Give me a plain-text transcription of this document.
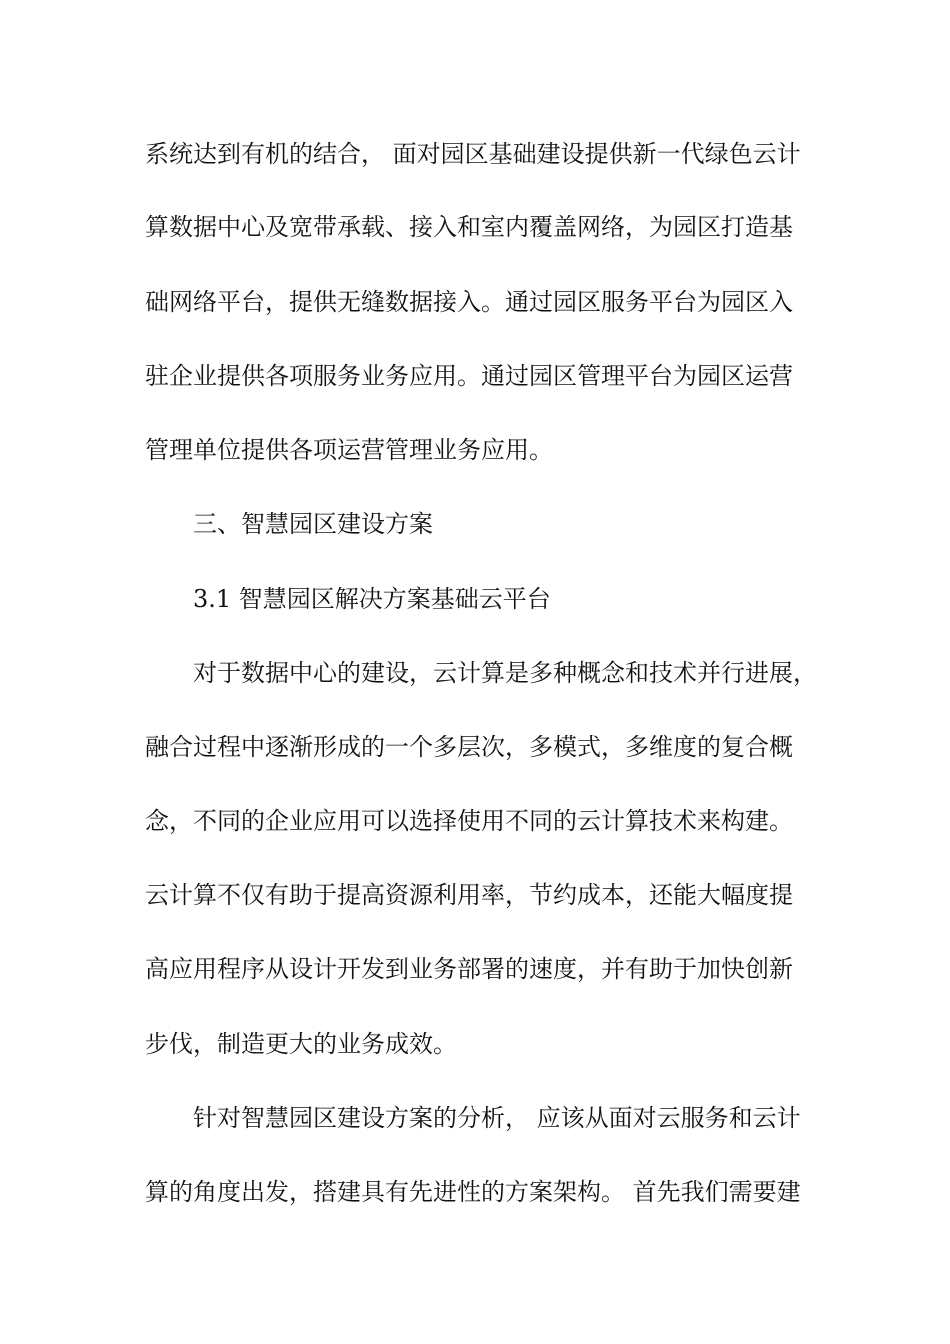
系统达到有机的结合， 面对园区基础建设提供新一代绿色云计
算数据中心及宽带承载、接入和室内覆盖网络，为园区打造基
础网络平台，提供无缝数据接入。通过园区服务平台为园区入
驻企业提供各项服务业务应用。通过园区管理平台为园区运营
管理单位提供各项运营管理业务应用。
三、智慧园区建设方案
3.1 智慧园区解决方案基础云平台
对于数据中心的建设，云计算是多种概念和技术并行进展，
融合过程中逐渐形成的一个多层次，多模式，多维度的复合概
念，不同的企业应用可以选择使用不同的云计算技术来构建。
云计算不仅有助于提高资源利用率，节约成本，还能大幅度提
高应用程序从设计开发到业务部署的速度，并有助于加快创新
步伐，制造更大的业务成效。
针对智慧园区建设方案的分析， 应该从面对云服务和云计
算的角度出发，搭建具有先进性的方案架构。 首先我们需要建
